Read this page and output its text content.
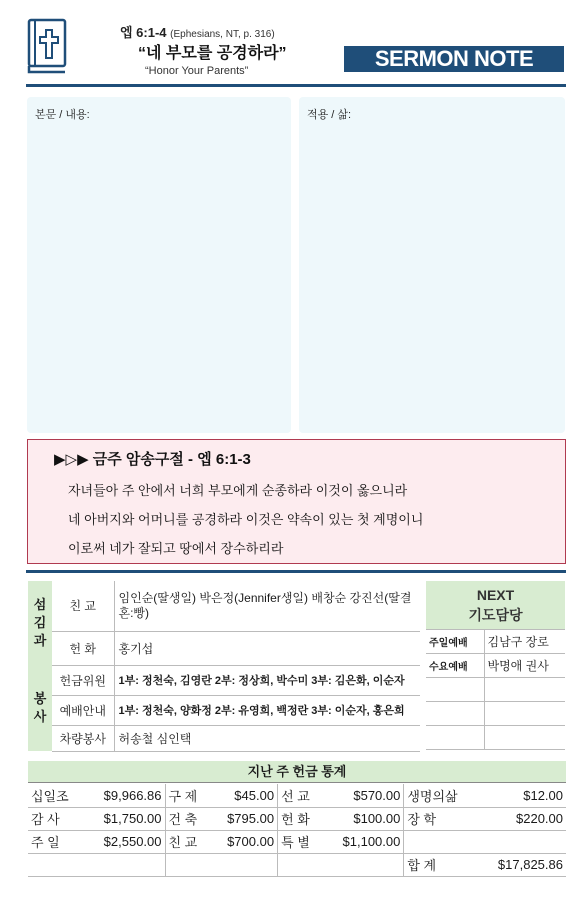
엡 6:1-4 (Ephesians, NT, p. 316)
“네 부모를 공경하라”
“Honor Your Parents”	SERMON NOTE
본문 / 내용:	적용 / 삶:
▶▷▶ 금주 암송구절 - 엡 6:1-3
자녀들아 주 안에서 너희 부모에게 순종하라 이것이 옳으니라
네 아버지와 어머니를 공경하라 이것은 약속이 있는 첫 계명이니
이로써 네가 잘되고 땅에서 장수하리라
섬김과	친 교	임인순(딸생일) 박은정(Jennifer생일) 배창순 강진선(딸결혼:빵)
	헌 화	홍기섭

봉사	헌금위원	1부: 정천숙, 김영란 2부: 정상희, 박수미 3부: 김은화, 이순자
	예배안내	1부: 정천숙, 양화정 2부: 유영희, 백정란 3부: 이순자, 홍은희
	차량봉사	허송철 심인택
NEXT
기도담당	

주일예배	김남구 장로
수요예배	박명애 권사

지난 주 헌금 통계
십일조	$9,966.86	구 제	$45.00	선 교	$570.00	생명의삶	$12.00
감 사	$1,750.00	건 축	$795.00	헌 화	$100.00	장 학	$220.00
주 일	$2,550.00	친 교	$700.00	특 별	$1,100.00		
						합 계	$17,825.86
